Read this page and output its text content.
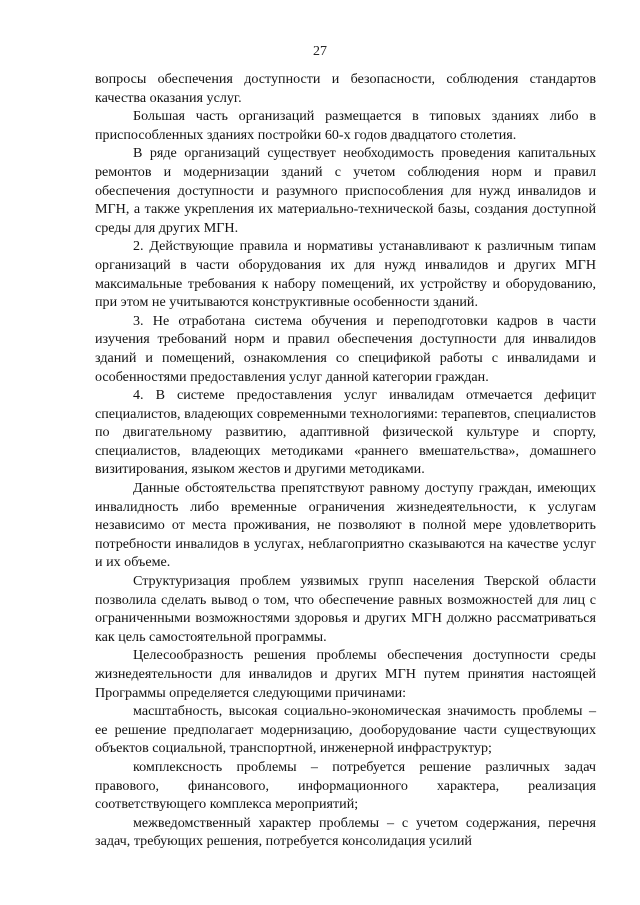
27

вопросы обеспечения доступности и безопасности, соблюдения стандартов качества оказания услуг.

Большая часть организаций размещается в типовых зданиях либо в приспособленных зданиях постройки 60-х годов двадцатого столетия.

В ряде организаций существует необходимость проведения капитальных ремонтов и модернизации зданий с учетом соблюдения норм и правил обеспечения доступности и разумного приспособления для нужд инвалидов и МГН, а также укрепления их материально-технической базы, создания доступной среды для других МГН.

2. Действующие правила и нормативы устанавливают к различным типам организаций в части оборудования их для нужд инвалидов и других МГН максимальные требования к набору помещений, их устройству и оборудованию, при этом не учитываются конструктивные особенности зданий.

3. Не отработана система обучения и переподготовки кадров в части изучения требований норм и правил обеспечения доступности для инвалидов зданий и помещений, ознакомления со спецификой работы с инвалидами и особенностями предоставления услуг данной категории граждан.

4. В системе предоставления услуг инвалидам отмечается дефицит специалистов, владеющих современными технологиями: терапевтов, специалистов по двигательному развитию, адаптивной физической культуре и спорту, специалистов, владеющих методиками «раннего вмешательства», домашнего визитирования, языком жестов и другими методиками.

Данные обстоятельства препятствуют равному доступу граждан, имеющих инвалидность либо временные ограничения жизнедеятельности, к услугам независимо от места проживания, не позволяют в полной мере удовлетворить потребности инвалидов в услугах, неблагоприятно сказываются на качестве услуг и их объеме.

Структуризация проблем уязвимых групп населения Тверской области позволила сделать вывод о том, что обеспечение равных возможностей для лиц с ограниченными возможностями здоровья и других МГН должно рассматриваться как цель самостоятельной программы.

Целесообразность решения проблемы обеспечения доступности среды жизнедеятельности для инвалидов и других МГН путем принятия настоящей Программы определяется следующими причинами:

масштабность, высокая социально-экономическая значимость проблемы – ее решение предполагает модернизацию, дооборудование части существующих объектов социальной, транспортной, инженерной инфраструктур;

комплексность проблемы – потребуется решение различных задач правового, финансового, информационного характера, реализация соответствующего комплекса мероприятий;

межведомственный характер проблемы – с учетом содержания, перечня задач, требующих решения, потребуется консолидация усилий
